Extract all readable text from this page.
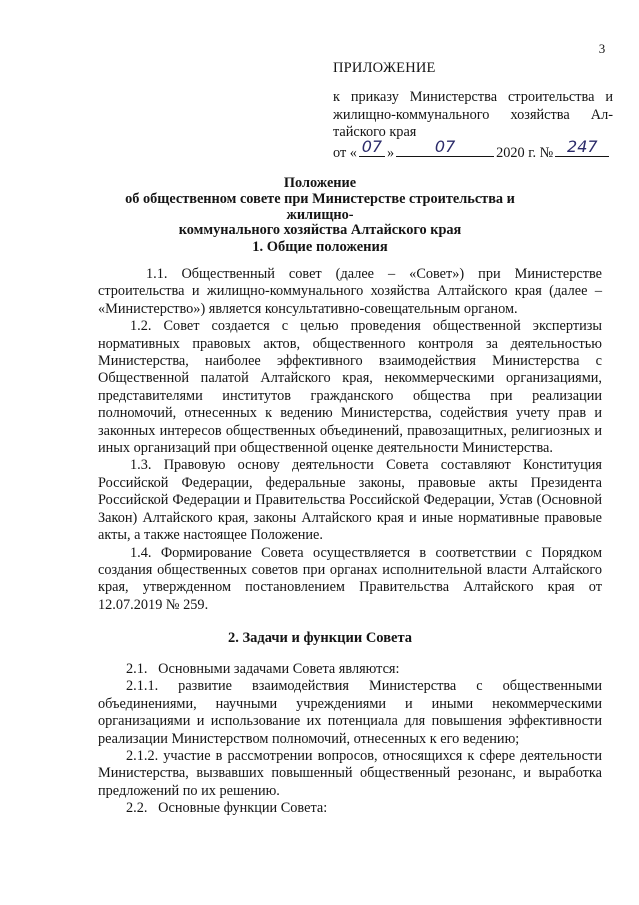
3
ПРИЛОЖЕНИЕ
к приказу Министерства строительства и
жилищно-коммунального хозяйства Ал-
тайского края
от « 07 »	07	2020 г. № 247
Положение
об общественном совете при Министерстве строительства и жилищно-
коммунального хозяйства Алтайского края
1. Общие положения

1.1. Общественный совет (далее – «Совет») при Министерстве строительства и жилищно-коммунального хозяйства Алтайского края (далее – «Министерство») является консультативно-совещательным органом.

1.2. Совет создается с целью проведения общественной экспертизы нормативных правовых актов, общественного контроля за деятельностью Министерства, наиболее эффективного взаимодействия Министерства с Общественной палатой Алтайского края, некоммерческими организациями, представителями институтов гражданского общества при реализации полномочий, отнесенных к ведению Министерства, содействия учету прав и законных интересов общественных объединений, правозащитных, религиозных и иных организаций при общественной оценке деятельности Министерства.

1.3. Правовую основу деятельности Совета составляют Конституция Российской Федерации, федеральные законы, правовые акты Президента Российской Федерации и Правительства Российской Федерации, Устав (Основной Закон) Алтайского края, законы Алтайского края и иные нормативные правовые акты, а также настоящее Положение.

1.4. Формирование Совета осуществляется в соответствии с Порядком создания общественных советов при органах исполнительной власти Алтайского края, утвержденном постановлением Правительства Алтайского края от 12.07.2019 № 259.

2. Задачи и функции Совета

2.1.   Основными задачами Совета являются:

2.1.1. развитие взаимодействия Министерства с общественными объединениями, научными учреждениями и иными некоммерческими организациями и использование их потенциала для повышения эффективности реализации Министерством полномочий, отнесенных к его ведению;

2.1.2. участие в рассмотрении вопросов, относящихся к сфере деятельности Министерства, вызвавших повышенный общественный резонанс, и выработка предложений по их решению.

2.2.   Основные функции Совета:
